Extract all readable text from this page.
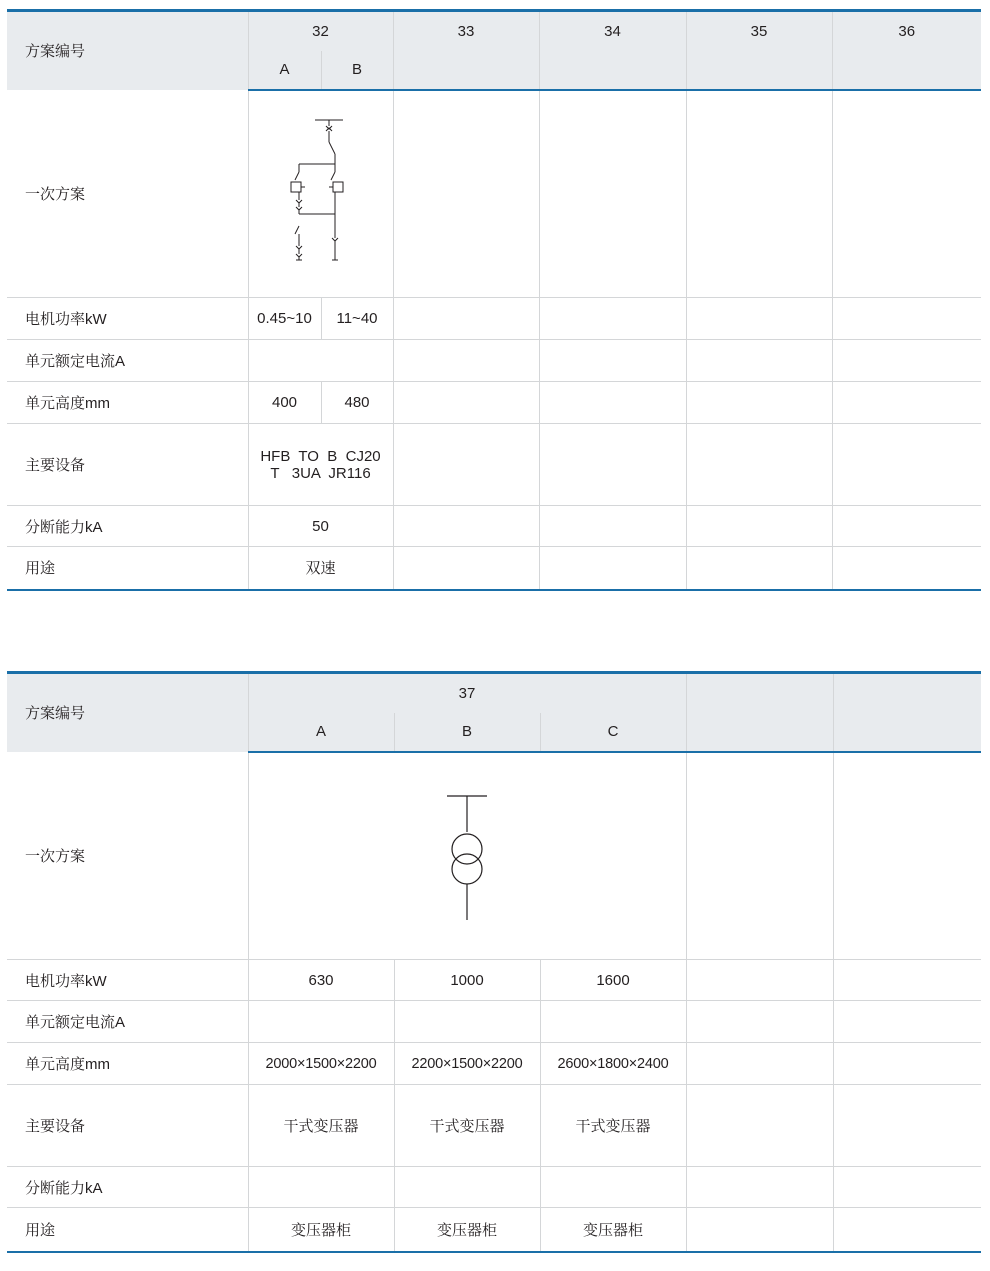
方案编号	32		33	34	35	36
	A	B				
一次方案	

电机功率kW	0.45~10	11~40				
单元额定电流A						
单元高度mm	400	480				
主要设备	HFB  TO  B  CJ20
T   3UA  JR116					
分断能力kA	50					
用途	双速					
方案编号	37				
	A	B	C		
一次方案	

电机功率kW	630	1000	1600		
单元额定电流A					
单元高度mm	2000×1500×2200	2200×1500×2200	2600×1800×2400		
主要设备	干式变压器	干式变压器	干式变压器		
分断能力kA					
用途	变压器柜	变压器柜	变压器柜		
